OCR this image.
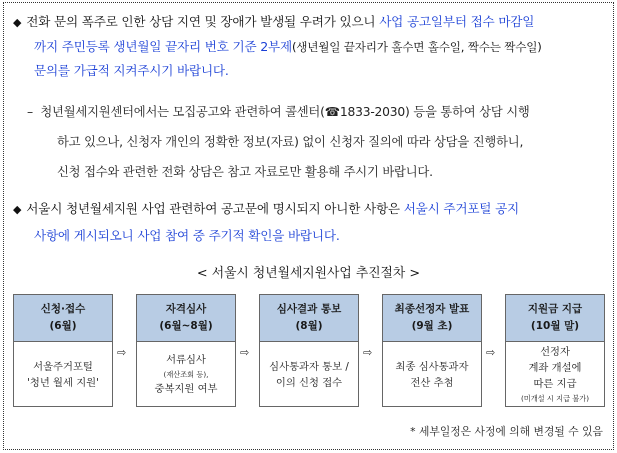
◆ 전화 문의 폭주로 인한 상담 지연 및 장애가 발생될 우려가 있으니 사업 공고일부터 접수 마감일
까지 주민등록 생년월일 끝자리 번호 기준 2부제(생년월일 끝자리가 홀수면 홀수일, 짝수는 짝수일)
문의를 가급적 지켜주시기 바랍니다.
– 청년월세지원센터에서는 모집공고와 관련하여 콜센터(☎1833-2030) 등을 통하여 상담 시행
하고 있으나, 신청자 개인의 정확한 정보(자료) 없이 신청자 질의에 따라 상담을 진행하니,
신청 접수와 관련한 전화 상담은 참고 자료로만 활용해 주시기 바랍니다.
◆ 서울시 청년월세지원 사업 관련하여 공고문에 명시되지 아니한 사항은 서울시 주거포털 공지
사항에 게시되오니 사업 참여 중 주기적 확인을 바랍니다.
< 서울시 청년월세지원사업 추진절차 >
신청·접수
(6월)
서울주거포털
'청년 월세 지원'
⇨
자격심사
(6월~8월)
서류심사
(재산조회 등),
중복지원 여부
⇨
심사결과 통보
(8월)
심사통과자 통보 /
이의 신청 접수
⇨
최종선정자 발표
(9월 초)
최종 심사통과자
전산 추첨
⇨
지원금 지급
(10월 말)
선정자
계좌 개설에
따른 지급
(미개설 시 지급 불가)
* 세부일정은 사정에 의해 변경될 수 있음
